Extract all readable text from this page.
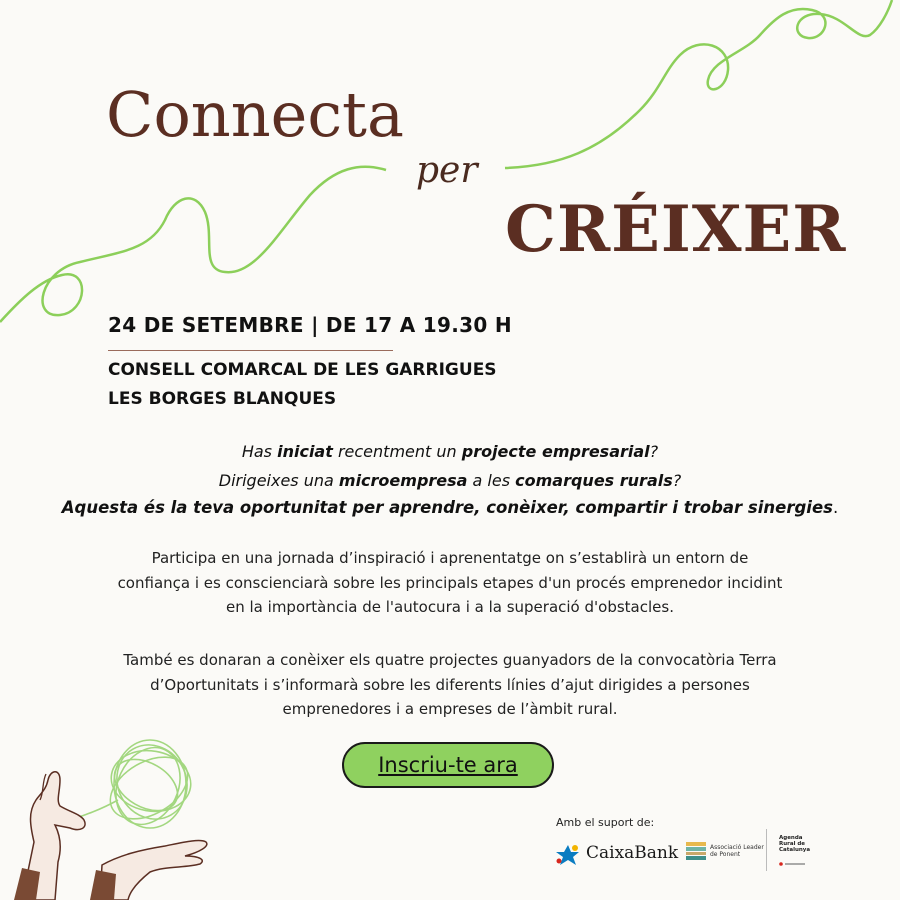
Connecta
per
CRÉIXER
24 DE SETEMBRE | DE 17 A 19.30 H
CONSELL COMARCAL DE LES GARRIGUES
LES BORGES BLANQUES
Has iniciat recentment un projecte empresarial?
Dirigeixes una microempresa a les comarques rurals?
Aquesta és la teva oportunitat per aprendre, conèixer, compartir i trobar sinergies.
Participa en una jornada d’inspiració i aprenentatge on s’establirà un entorn de
confiança i es conscienciarà sobre les principals etapes d'un procés emprenedor incidint
en la importància de l'autocura i a la superació d'obstacles.
També es donaran a conèixer els quatre projectes guanyadors de la convocatòria Terra
d’Oportunitats i s’informarà sobre les diferents línies d’ajut dirigides a persones
emprenedores i a empreses de l’àmbit rural.
Inscriu-te ara
Amb el suport de:
CaixaBank	Associació Leader
de Ponent
Agenda
Rural de
Catalunya
